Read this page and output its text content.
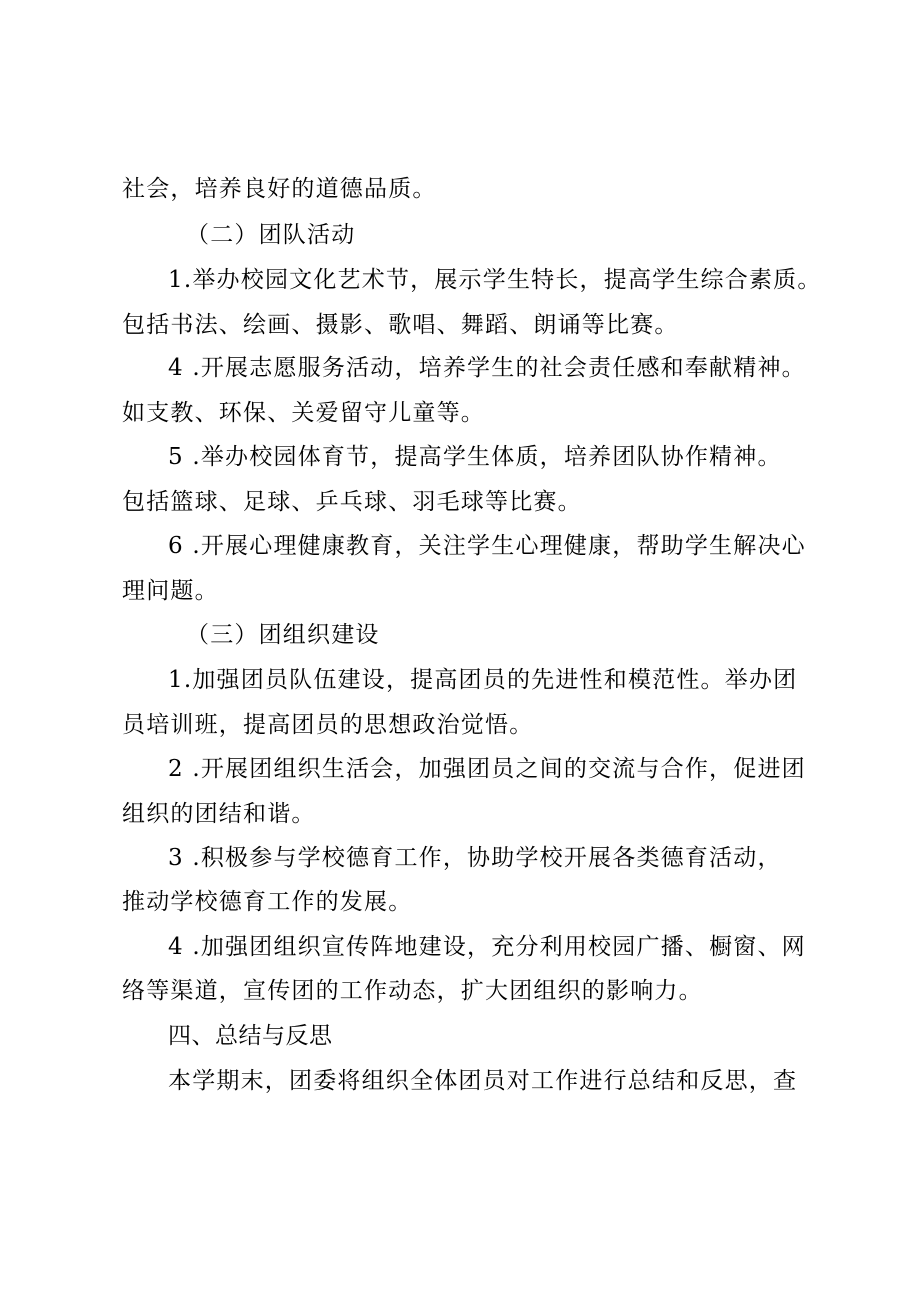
社会，培养良好的道德品质。
（二）团队活动
1.举办校园文化艺术节，展示学生特长，提高学生综合素质。
包括书法、绘画、摄影、歌唱、舞蹈、朗诵等比赛。
4 .开展志愿服务活动，培养学生的社会责任感和奉献精神。
如支教、环保、关爱留守儿童等。
5 .举办校园体育节，提高学生体质，培养团队协作精神。
包括篮球、足球、乒乓球、羽毛球等比赛。
6 .开展心理健康教育，关注学生心理健康，帮助学生解决心
理问题。
（三）团组织建设
1.加强团员队伍建设，提高团员的先进性和模范性。举办团
员培训班，提高团员的思想政治觉悟。
2 .开展团组织生活会，加强团员之间的交流与合作，促进团
组织的团结和谐。
3 .积极参与学校德育工作，协助学校开展各类德育活动，
推动学校德育工作的发展。
4 .加强团组织宣传阵地建设，充分利用校园广播、橱窗、网
络等渠道，宣传团的工作动态，扩大团组织的影响力。
四、总结与反思
本学期末，团委将组织全体团员对工作进行总结和反思，查
